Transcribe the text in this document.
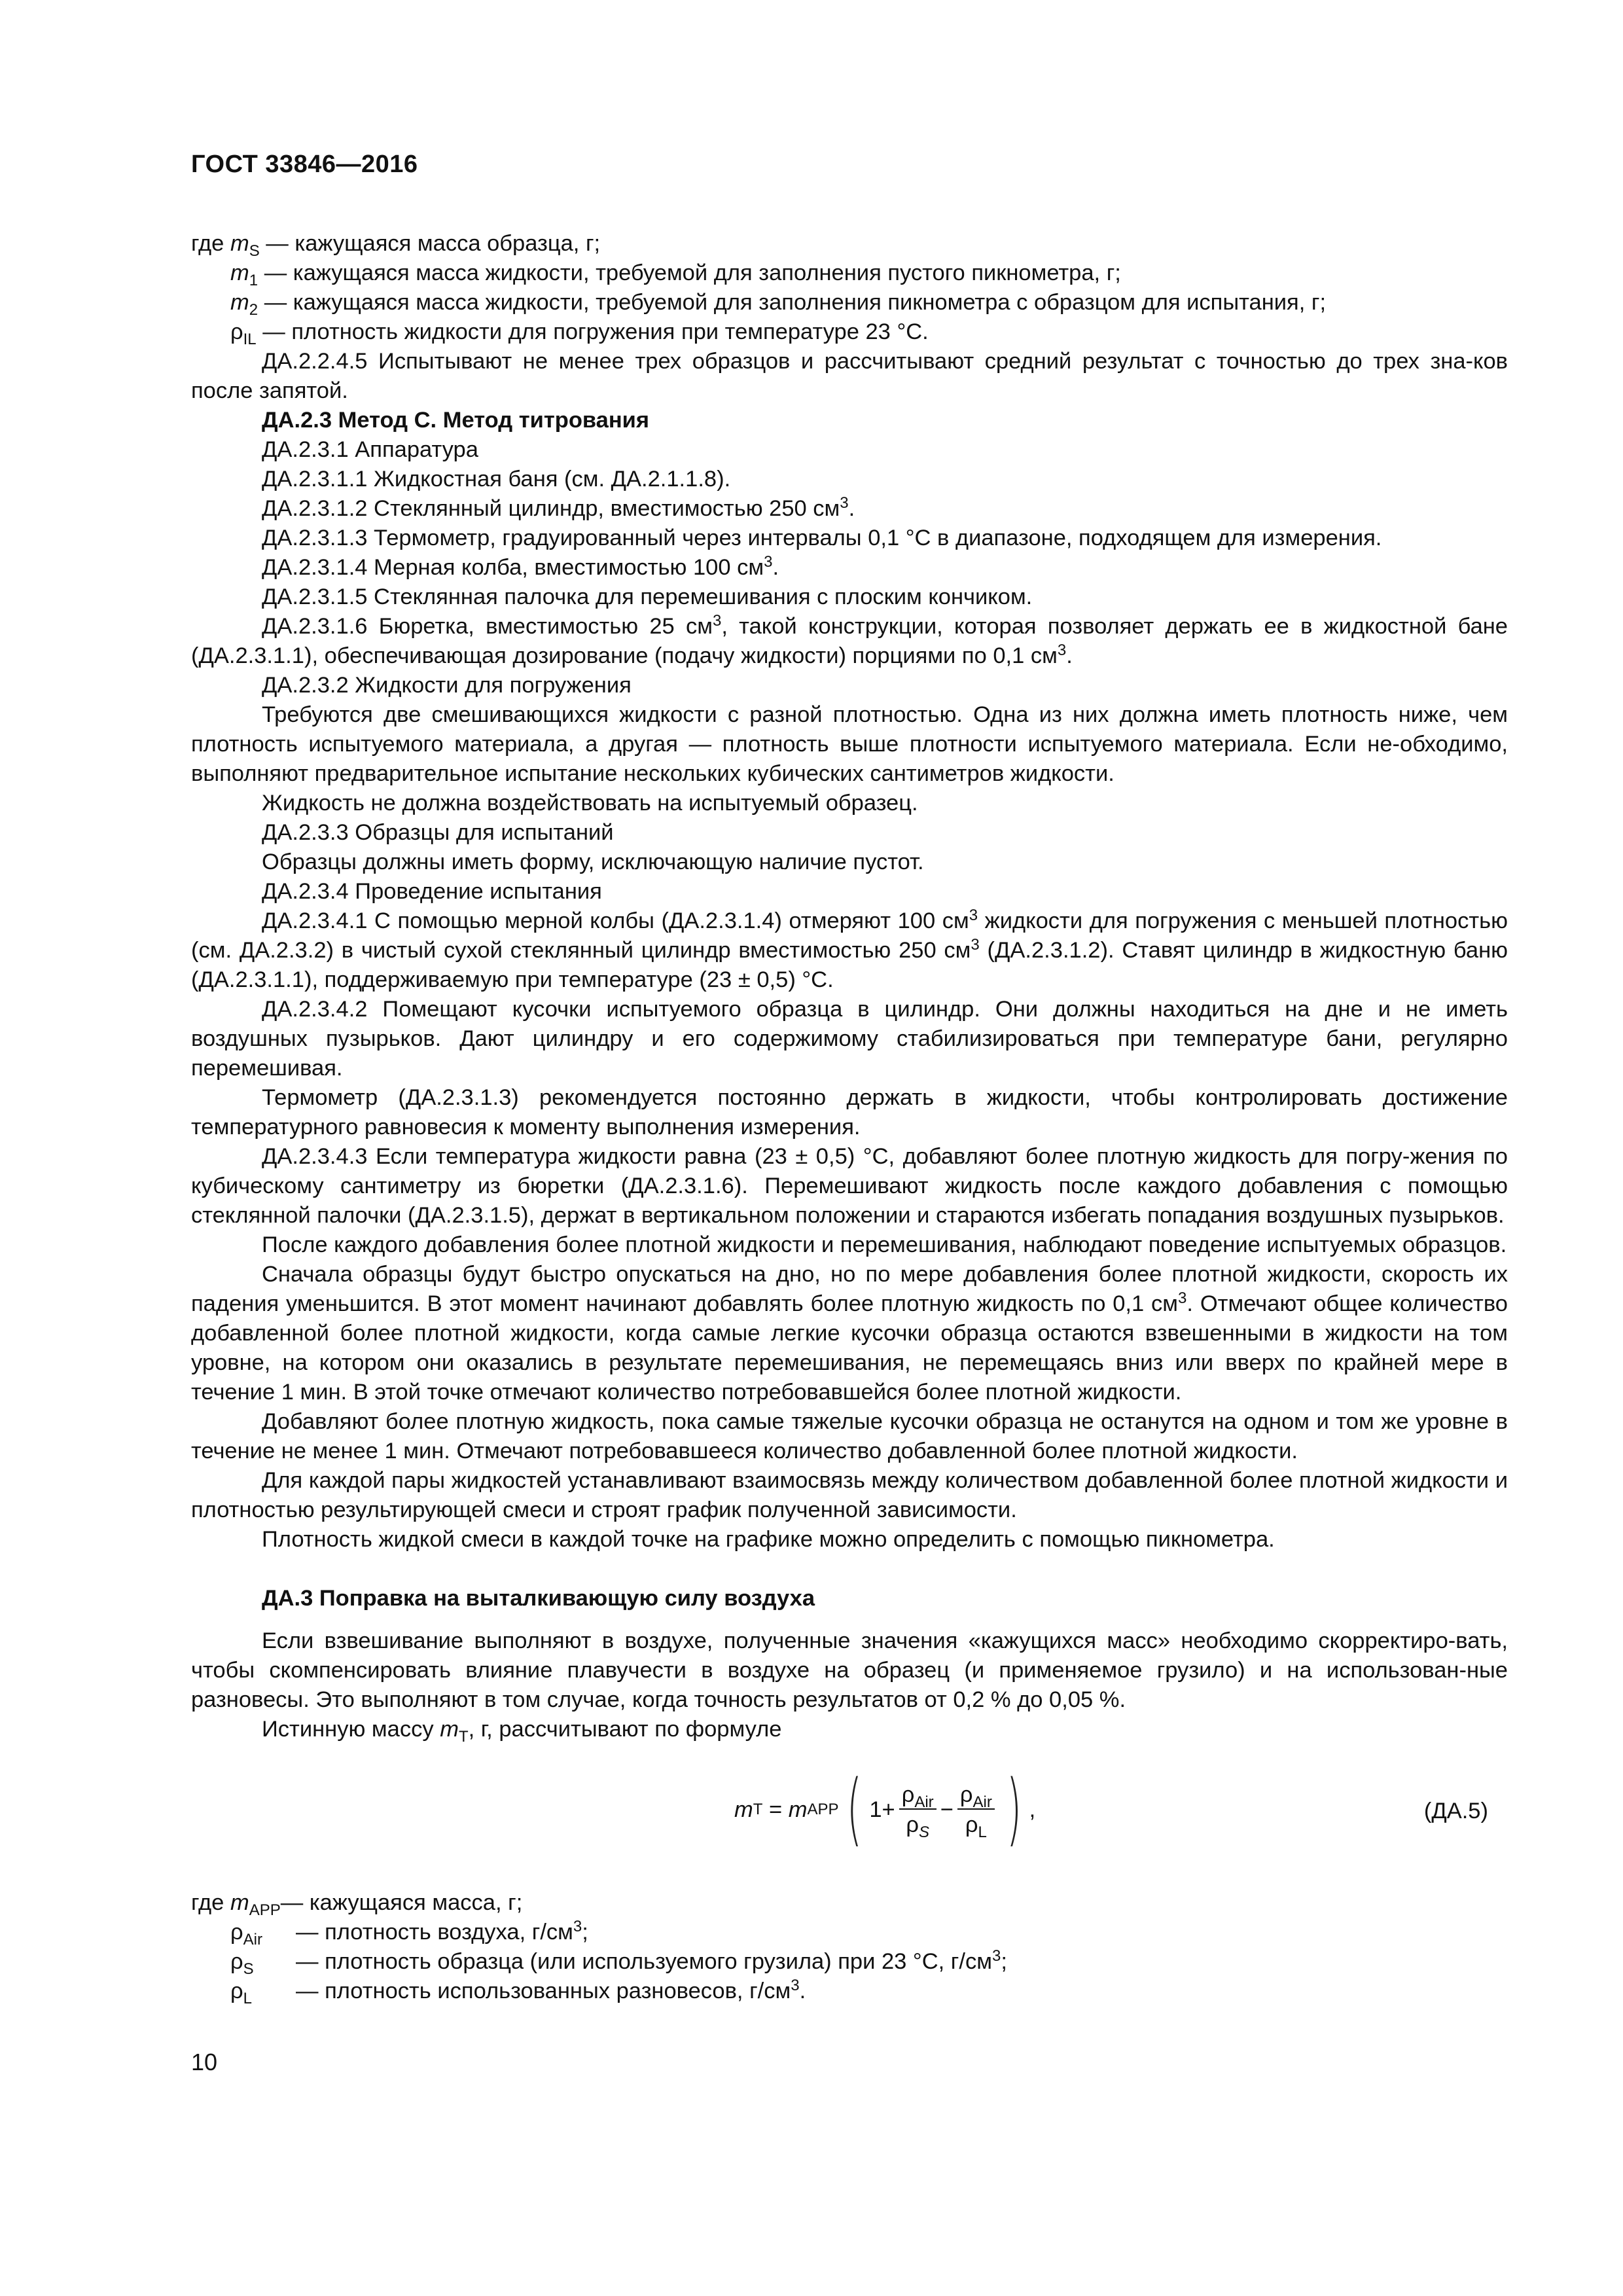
ГОСТ 33846—2016

где $m_S$ — кажущаяся масса образца, г;

$m_1$ — кажущаяся масса жидкости, требуемой для заполнения пустого пикнометра, г;

$m_2$ — кажущаяся масса жидкости, требуемой для заполнения пикнометра с образцом для испытания, г;

$\rho_{IL}$ — плотность жидкости для погружения при температуре 23 °С.

ДА.2.2.4.5 Испытывают не менее трех образцов и рассчитывают средний результат с точностью до трех зна-ков после запятой.

ДА.2.3 Метод С. Метод титрования

ДА.2.3.1 Аппаратура

ДА.2.3.1.1 Жидкостная баня (см. ДА.2.1.1.8).

ДА.2.3.1.2 Стеклянный цилиндр, вместимостью 250 $см^3$.

ДА.2.3.1.3 Термометр, градуированный через интервалы 0,1 °С в диапазоне, подходящем для измерения.

ДА.2.3.1.4 Мерная колба, вместимостью 100 $см^3$.

ДА.2.3.1.5 Стеклянная палочка для перемешивания с плоским кончиком.

ДА.2.3.1.6 Бюретка, вместимостью 25 $см^3$, такой конструкции, которая позволяет держать ее в жидкостной бане (ДА.2.3.1.1), обеспечивающая дозирование (подачу жидкости) порциями по 0,1 $см^3$.

ДА.2.3.2 Жидкости для погружения

Требуются две смешивающихся жидкости с разной плотностью. Одна из них должна иметь плотность ниже, чем плотность испытуемого материала, а другая — плотность выше плотности испытуемого материала. Если не-обходимо, выполняют предварительное испытание нескольких кубических сантиметров жидкости.

Жидкость не должна воздействовать на испытуемый образец.

ДА.2.3.3 Образцы для испытаний

Образцы должны иметь форму, исключающую наличие пустот.

ДА.2.3.4 Проведение испытания

ДА.2.3.4.1 С помощью мерной колбы (ДА.2.3.1.4) отмеряют 100 $см^3$ жидкости для погружения с меньшей плотностью (см. ДА.2.3.2) в чистый сухой стеклянный цилиндр вместимостью 250 $см^3$ (ДА.2.3.1.2). Ставят цилиндр в жидкостную баню (ДА.2.3.1.1), поддерживаемую при температуре (23 ± 0,5) °С.

ДА.2.3.4.2 Помещают кусочки испытуемого образца в цилиндр. Они должны находиться на дне и не иметь воздушных пузырьков. Дают цилиндру и его содержимому стабилизироваться при температуре бани, регулярно перемешивая.

Термометр (ДА.2.3.1.3) рекомендуется постоянно держать в жидкости, чтобы контролировать достижение температурного равновесия к моменту выполнения измерения.

ДА.2.3.4.3 Если температура жидкости равна (23 ± 0,5) °С, добавляют более плотную жидкость для погру-жения по кубическому сантиметру из бюретки (ДА.2.3.1.6). Перемешивают жидкость после каждого добавления с помощью стеклянной палочки (ДА.2.3.1.5), держат в вертикальном положении и стараются избегать попадания воздушных пузырьков.

После каждого добавления более плотной жидкости и перемешивания, наблюдают поведение испытуемых образцов.

Сначала образцы будут быстро опускаться на дно, но по мере добавления более плотной жидкости, скорость их падения уменьшится. В этот момент начинают добавлять более плотную жидкость по 0,1 $см^3$. Отмечают общее количество добавленной более плотной жидкости, когда самые легкие кусочки образца остаются взвешенными в жидкости на том уровне, на котором они оказались в результате перемешивания, не перемещаясь вниз или вверх по крайней мере в течение 1 мин. В этой точке отмечают количество потребовавшейся более плотной жидкости.

Добавляют более плотную жидкость, пока самые тяжелые кусочки образца не останутся на одном и том же уровне в течение не менее 1 мин. Отмечают потребовавшееся количество добавленной более плотной жидкости.

Для каждой пары жидкостей устанавливают взаимосвязь между количеством добавленной более плотной жидкости и плотностью результирующей смеси и строят график полученной зависимости.

Плотность жидкой смеси в каждой точке на графике можно определить с помощью пикнометра.

ДА.3 Поправка на выталкивающую силу воздуха

Если взвешивание выполняют в воздухе, полученные значения «кажущихся масс» необходимо скорректиро-вать, чтобы скомпенсировать влияние плавучести в воздухе на образец (и применяемое грузило) и на использован-ные разновесы. Это выполняют в том случае, когда точность результатов от 0,2 % до 0,05 %.

Истинную массу $m_T$, г, рассчитывают по формуле

m T = m APP ( $1+ \frac{\rho_{Air}}{\rho_S} - \frac{\rho_{Air}}{\rho_L}$ ) ,	(ДА.5)

где $m_{APP}—$ кажущаяся масса, г;

$\rho_{Air}$	— плотность воздуха, $г/см^3$;
$\rho_S$	— плотность образца (или используемого грузила) при 23 °С, $г/см^3$;
$\rho_L$	— плотность использованных разновесов, $г/см^3$.
10
